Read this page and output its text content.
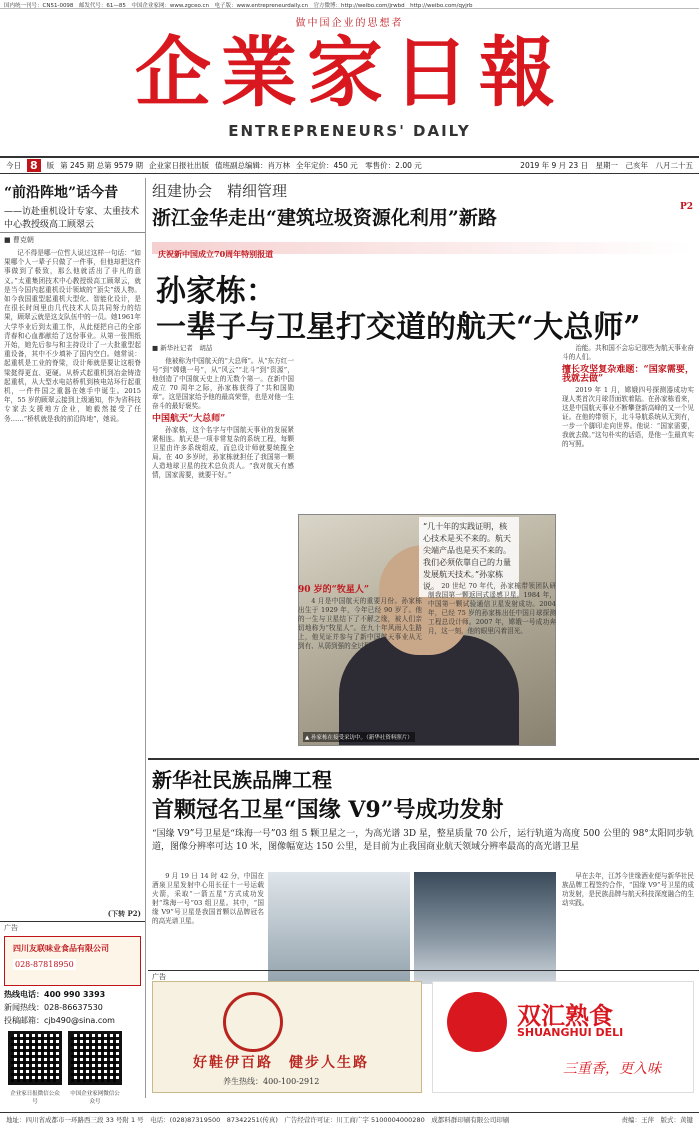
国内统一刊号：CN51-0098　邮发代号：61—85　中国企业家网：www.zgceo.cn　电子版：www.entrepreneurdaily.cn　官方微博：http://weibo.com/jrwbd　http://weibo.com/qyjrb
做中国企业的思想者
企業家日報
ENTREPRENEURS' DAILY
今日 8	版 第 245 期 总第 9579 期 企业家日报社出版 值班副总编辑：肖万林 全年定价：450 元　零售价：2.00 元	2019 年 9 月 23 日　星期一　己亥年　八月二十五
“前沿阵地”话今昔
——访赴重机设计专家、太重技术中心教授级高工顾翠云
■ 曹克朝
记不得是哪一位哲人说过这样一句话：“如果哪个人一辈子只做了一件事，但他却把这件事做到了极致，那么他就活出了非凡的意义。”太重集团技术中心教授级高工顾翠云，就是当今国内起重机设计领域的“顶尖”级人物。如今我国重型起重机大型化、智能化设计，是在很长时间里由几代技术人员共同努力的结果，顾翠云就是这支队伍中的一员。她1961年大学毕业后到太重工作，从此便把自己的全部青春和心血都献给了这份事业。从第一张图纸开始，她先后参与和主持设计了一大批重型起重设备，其中不少填补了国内空白。她常说：起重机是工业的脊梁，设计师就是要让这根脊梁挺得更直、更硬。从桥式起重机到冶金铸造起重机，从大型水电站桥机到核电站环行起重机，一件件国之重器在她手中诞生。2015 年，55 岁的顾翠云接到上级通知，作为省科技专家去支援地方企业，她毅然接受了任务……“桥机就是我的前沿阵地”，她说。
(下转 P2)
广告
四川友联味业食品有限公司
028-87818950
热线电话：400 990 3393
新闻热线：028-86637530
投稿邮箱：cjb490@sina.com
企业家日报微信公众号
中国企业家网微信公众号
组建协会　精细管理
浙江金华走出“建筑垃圾资源化利用”新路	P2
庆祝新中国成立70周年特别报道
孙家栋：
一辈子与卫星打交道的航天“大总师”
■ 新华社记者　胡喆
他被称为中国航天的“大总师”。从“东方红一号”到“嫦娥一号”，从“风云”“北斗”到“资源”，他创造了中国航天史上的无数个第一。在新中国成立 70 周年之际，孙家栋获得了“共和国勋章”。这是国家给予他的最高荣誉，也是对他一生奋斗的最好褒奖。
中国航天“大总师”
孙家栋，这个名字与中国航天事业的发展紧紧相连。航天是一项非常复杂的系统工程，每颗卫星由许多系统组成，而总设计师就要统揽全局。在 40 多岁时，孙家栋就担任了我国第一颗人造地球卫星的技术总负责人。“我对航天有感情，国家需要，就要干好。”
“几十年的实践证明，核心技术是买不来的。航天尖端产品也是买不来的。我们必须依靠自己的力量发展航天技术。”孙家栋说。
▲ 孙家栋在接受采访中。（新华社资料照片）
90 岁的“牧星人”
4 月是中国航天的重要月份。孙家栋出生于 1929 年，今年已经 90 岁了。他的一生与卫星结下了不解之缘，被人们亲切地称为“牧星人”。在九十年风雨人生路上，他见证并参与了新中国航天事业从无到有、从弱到强的全过程。
20 世纪 70 年代，孙家栋带领团队研制我国第一颗返回式遥感卫星。1984 年，中国第一颗试验通信卫星发射成功。2004 年，已经 75 岁的孙家栋出任中国月球探测工程总设计师。2007 年，嫦娥一号成功奔月，这一刻，他的眼里闪着泪光。
治能。共和国不会忘记那些为航天事业奋斗的人们。
擅长攻坚复杂难题：“国家需要，我就去做”
2019 年 1 月，嫦娥四号探测器成功实现人类首次月球背面软着陆。在孙家栋看来，这是中国航天事业不断攀登新高峰的又一个见证。在他的带领下，北斗导航系统从无到有，一步一个脚印走向世界。他说：“国家需要，我就去做。”这句朴实的话语，是他一生最真实的写照。
新华社民族品牌工程
首颗冠名卫星“国缘 V9”号成功发射
“国缘 V9”号卫星是“珠海一号”03 组 5 颗卫星之一，为高光谱 3D 星，整星质量 70 公斤，运行轨道为高度 500 公里的 98°太阳同步轨道，图像分辨率可达 10 米，图像幅宽达 150 公里，是目前为止我国商业航天领域分辨率最高的高光谱卫星
9 月 19 日 14 时 42 分，中国在酒泉卫星发射中心用长征十一号运载火箭，采取“一箭五星”方式成功发射“珠海一号”03 组卫星。其中，“国缘 V9”号卫星是我国首颗以品牌冠名的高光谱卫星。
早在去年，江苏今世缘酒业便与新华社民族品牌工程签约合作，“国缘 V9”号卫星的成功发射，是民族品牌与航天科技深度融合的生动实践。
广告
好鞋伊百路　健步人生路
养生热线：400-100-2912
双汇熟食
SHUANGHUI DELI
三重香，更入味
地址：四川省成都市一环路西三段 33 号附 1 号　电话：(028)87319500　87342251(传真)　广告经营许可证：川工商广字 5100004000280　成都料群印刷有限公司印刷	责编：王萍　版式：黄键
